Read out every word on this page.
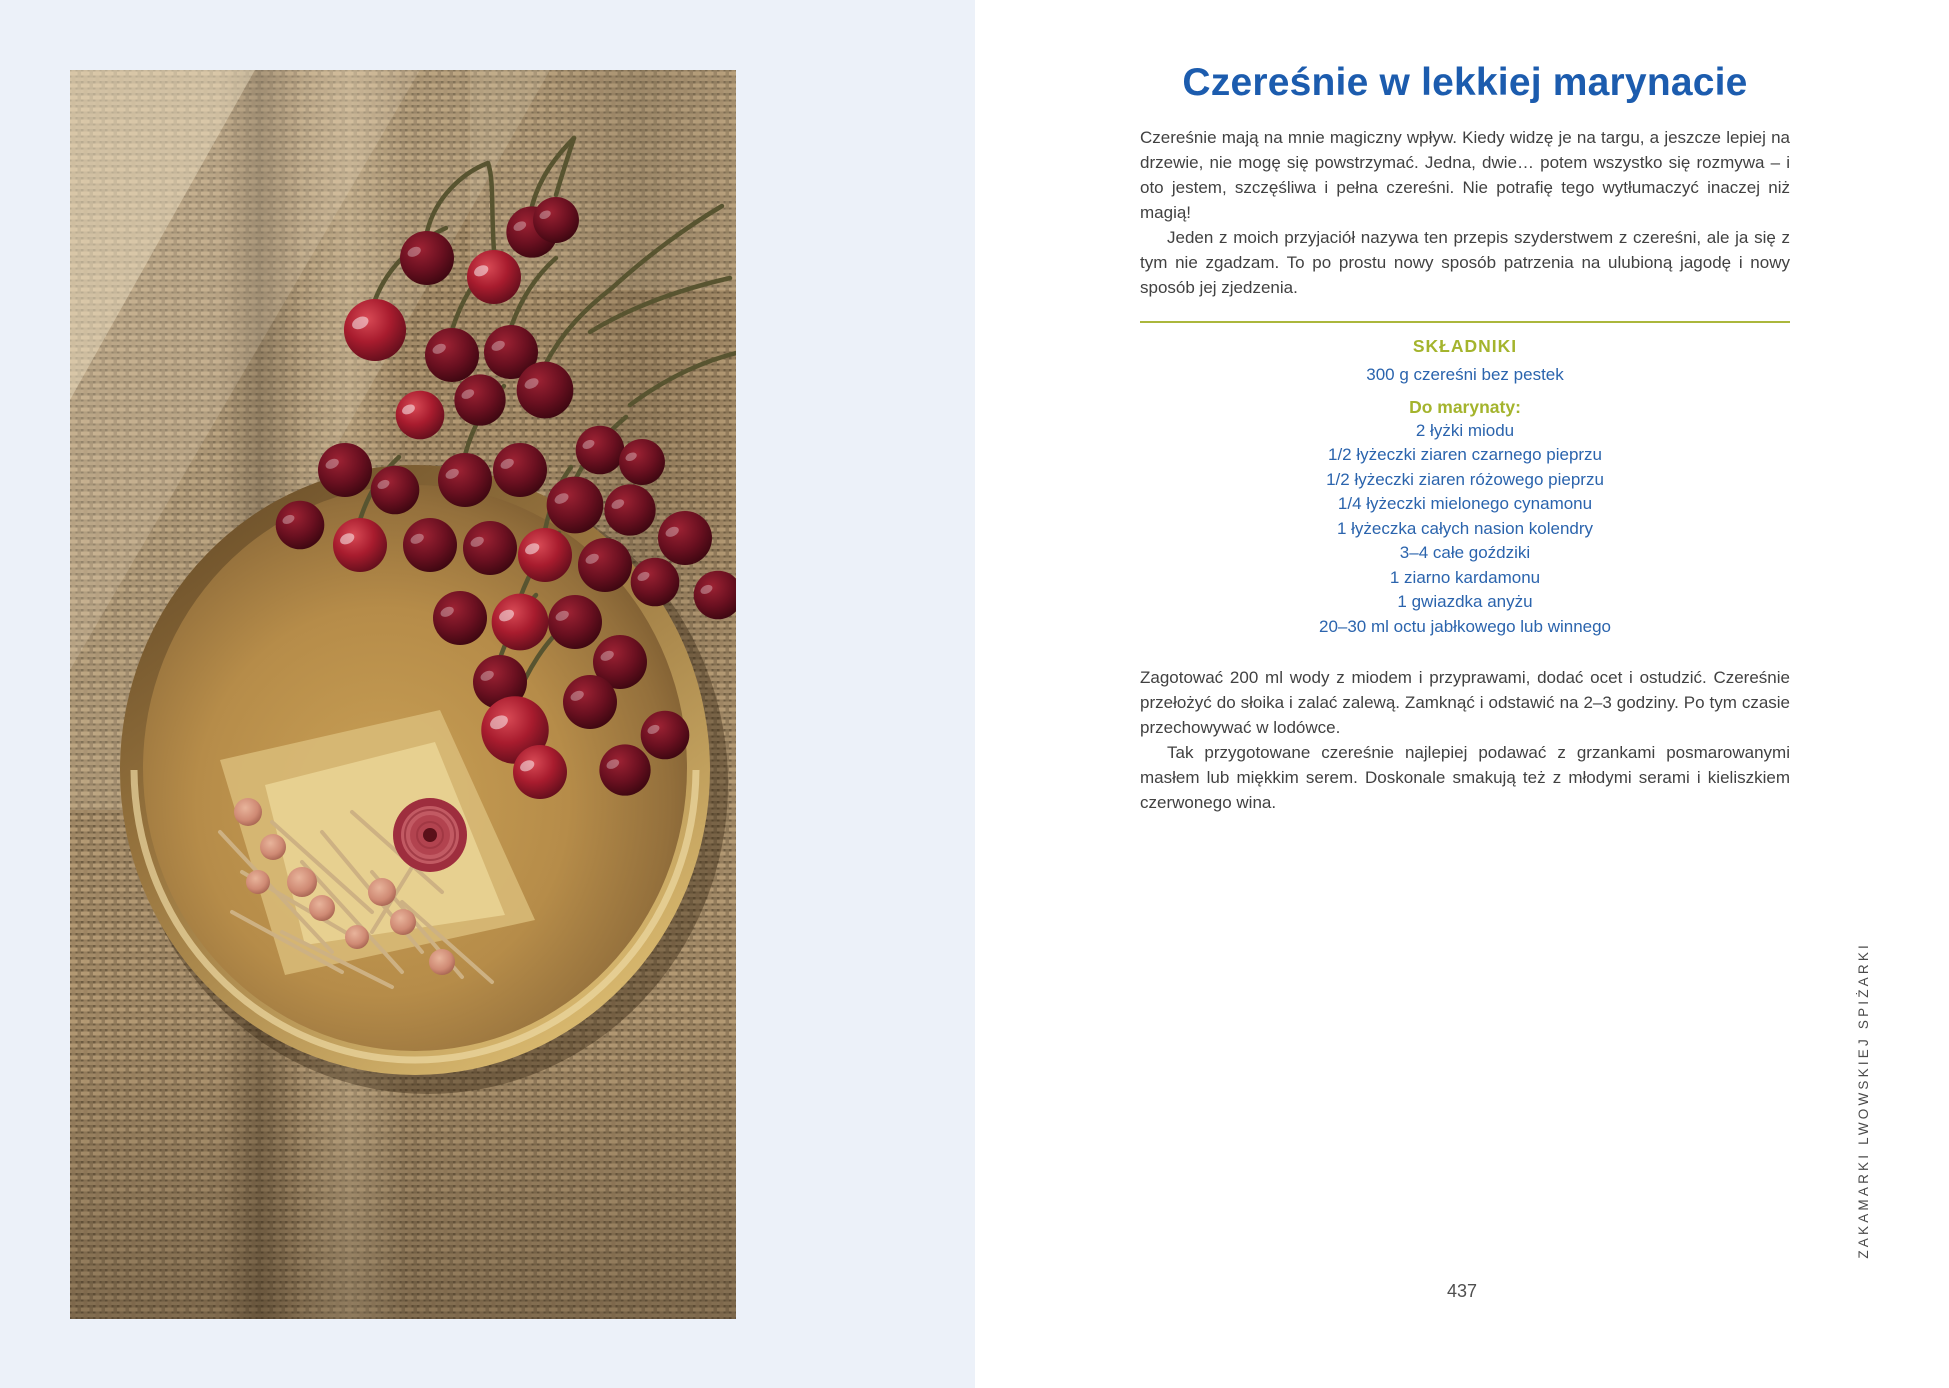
Czereśnie w lekkiej marynacie

Czereśnie mają na mnie magiczny wpływ. Kiedy widzę je na targu, a jeszcze lepiej na drzewie, nie mogę się powstrzymać. Jedna, dwie… potem wszystko się rozmywa – i oto jestem, szczęśliwa i pełna czereśni. Nie potrafię tego wytłumaczyć inaczej niż magią!

Jeden z moich przyjaciół nazywa ten przepis szyderstwem z czereśni, ale ja się z tym nie zgadzam. To po prostu nowy sposób patrzenia na ulubioną jagodę i nowy sposób jej zjedzenia.

SKŁADNIKI
300 g czereśni bez pestek
Do marynaty:
2 łyżki miodu
1/2 łyżeczki ziaren czarnego pieprzu
1/2 łyżeczki ziaren różowego pieprzu
1/4 łyżeczki mielonego cynamonu
1 łyżeczka całych nasion kolendry
3–4 całe goździki
1 ziarno kardamonu
1 gwiazdka anyżu
20–30 ml octu jabłkowego lub winnego

Zagotować 200 ml wody z miodem i przyprawami, dodać ocet i ostudzić. Czereśnie przełożyć do słoika i zalać zalewą. Zamknąć i odstawić na 2–3 godziny. Po tym czasie przechowywać w lodówce.

Tak przygotowane czereśnie najlepiej podawać z grzankami posmarowanymi masłem lub miękkim serem. Doskonale smakują też z młodymi serami i kieliszkiem czerwonego wina.

ZAKAMARKI LWOWSKIEJ SPIŻARKI
437
